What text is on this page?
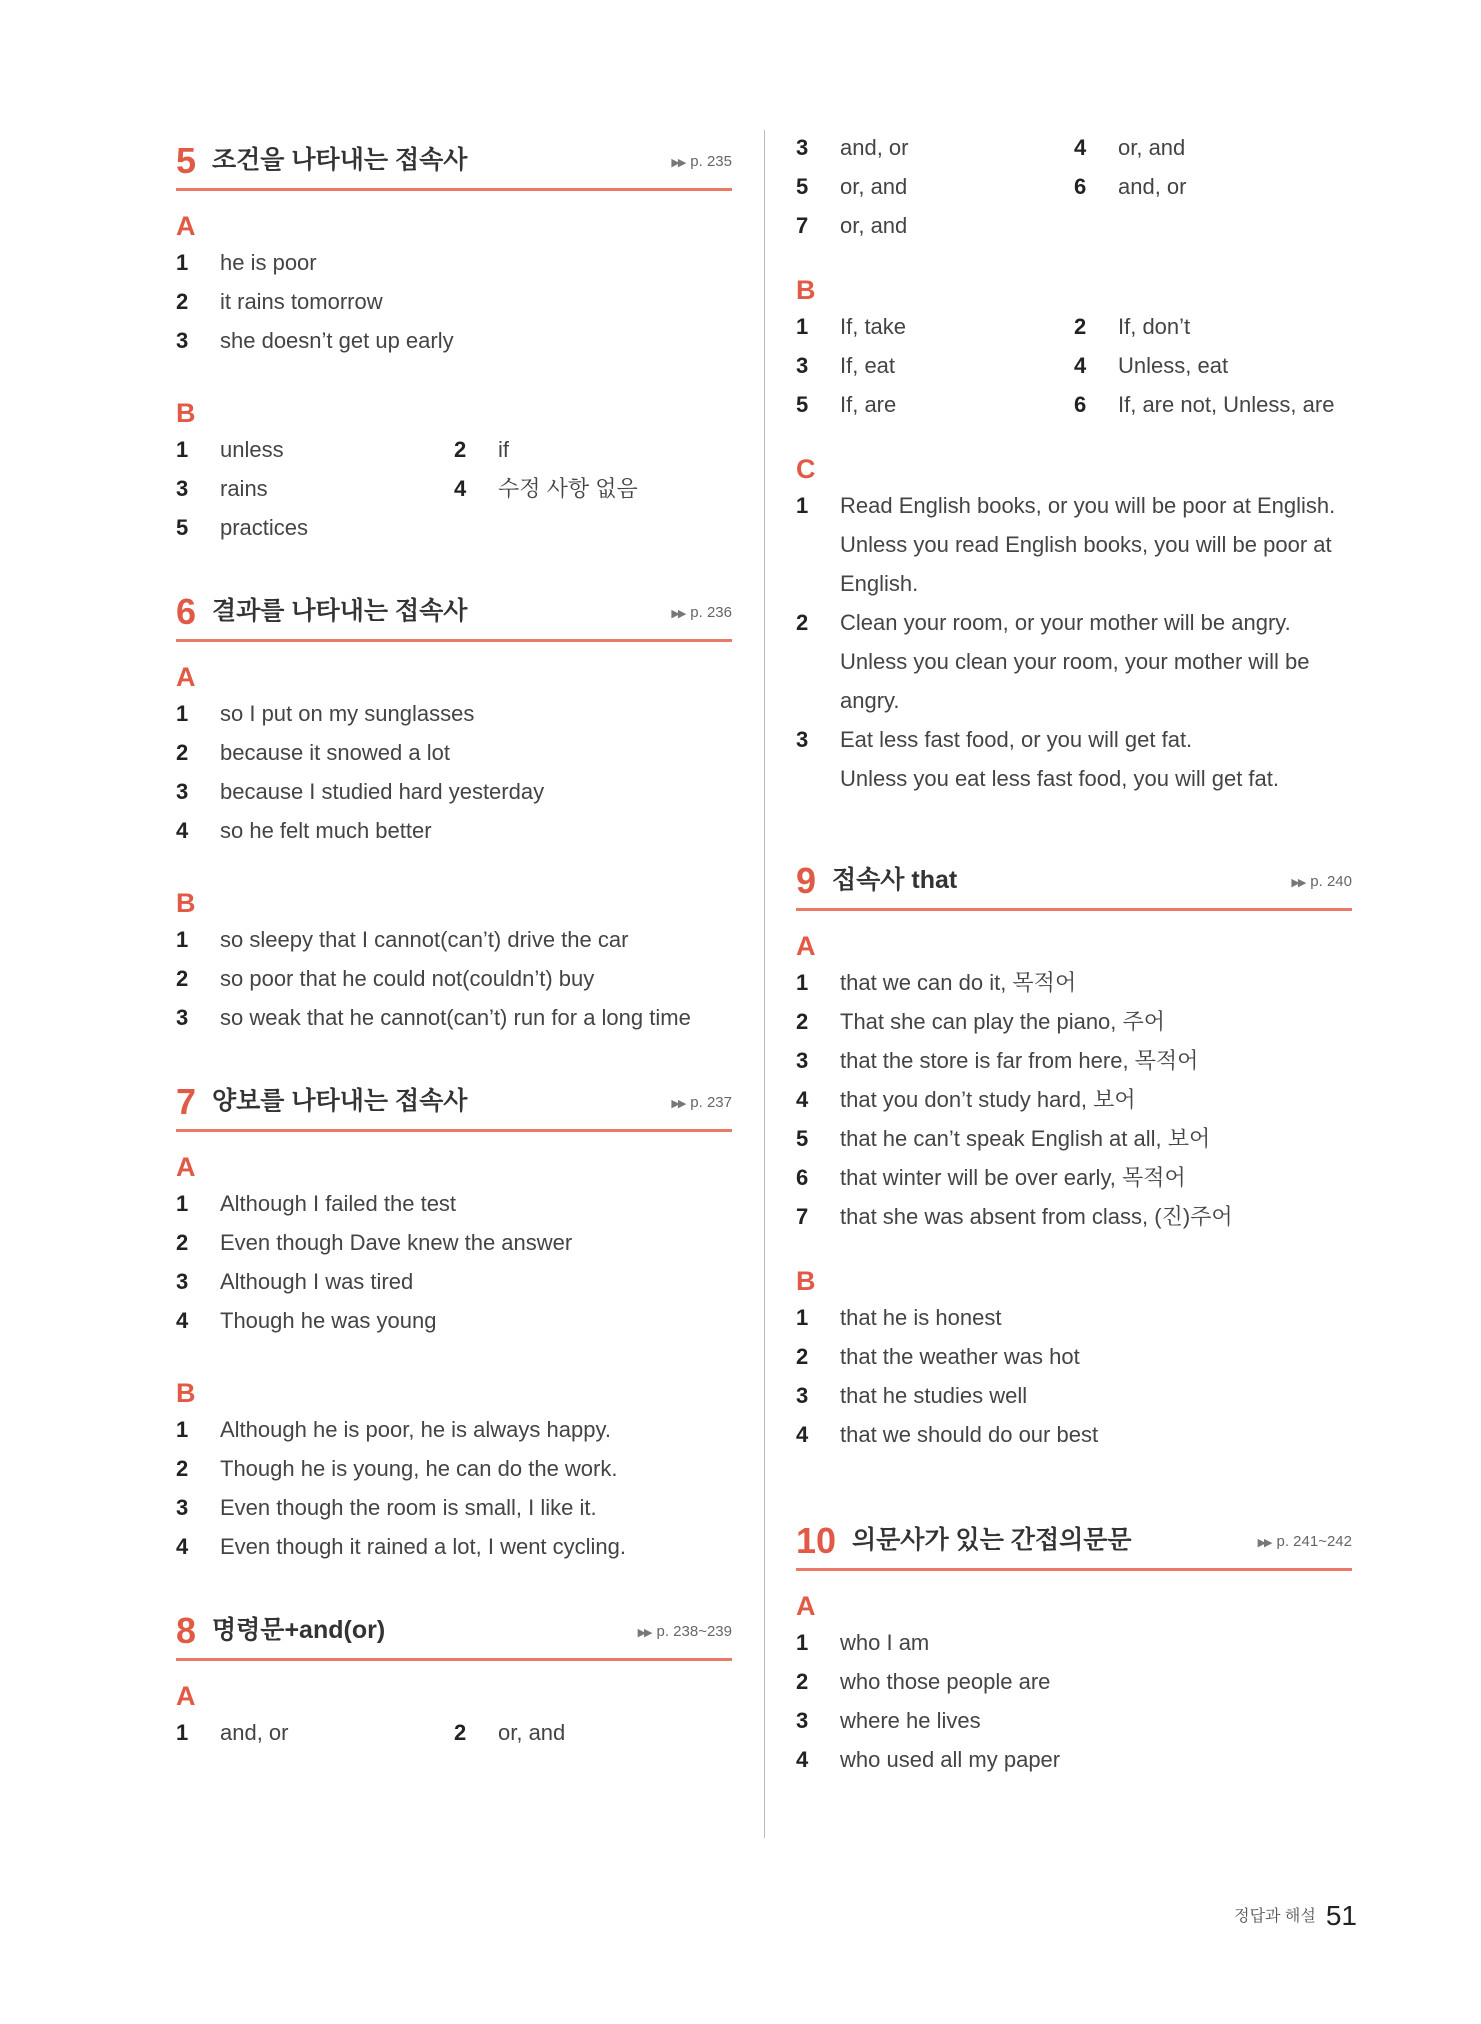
5 조건을 나타내는 접속사	▶▶ p. 235
A
1	he is poor
2	it rains tomorrow
3	she doesn’t get up early
B
1	unless	2	if
3	rains	4	수정 사항 없음
5	practices
6 결과를 나타내는 접속사	▶▶ p. 236
A
1	so I put on my sunglasses
2	because it snowed a lot
3	because I studied hard yesterday
4	so he felt much better
B
1	so sleepy that I cannot(can’t) drive the car
2	so poor that he could not(couldn’t) buy
3	so weak that he cannot(can’t) run for a long time
7 양보를 나타내는 접속사	▶▶ p. 237
A
1	Although I failed the test
2	Even though Dave knew the answer
3	Although I was tired
4	Though he was young
B
1	Although he is poor, he is always happy.
2	Though he is young, he can do the work.
3	Even though the room is small, I like it.
4	Even though it rained a lot, I went cycling.
8 명령문+and(or)	▶▶ p. 238~239
A
1	and, or	2	or, and
3	and, or	4	or, and
5	or, and	6	and, or
7	or, and
B
1	If, take	2	If, don’t
3	If, eat	4	Unless, eat
5	If, are	6	If, are not, Unless, are
C
1	Read English books, or you will be poor at English.
Unless you read English books, you will be poor at
English.
2	Clean your room, or your mother will be angry.
Unless you clean your room, your mother will be
angry.
3	Eat less fast food, or you will get fat.
Unless you eat less fast food, you will get fat.
9 접속사 that	▶▶ p. 240
A
1	that we can do it, 목적어
2	That she can play the piano, 주어
3	that the store is far from here, 목적어
4	that you don’t study hard, 보어
5	that he can’t speak English at all, 보어
6	that winter will be over early, 목적어
7	that she was absent from class, (진)주어
B
1	that he is honest
2	that the weather was hot
3	that he studies well
4	that we should do our best
10 의문사가 있는 간접의문문	▶▶ p. 241~242
A
1	who I am
2	who those people are
3	where he lives
4	who used all my paper
정답과 해설 51
